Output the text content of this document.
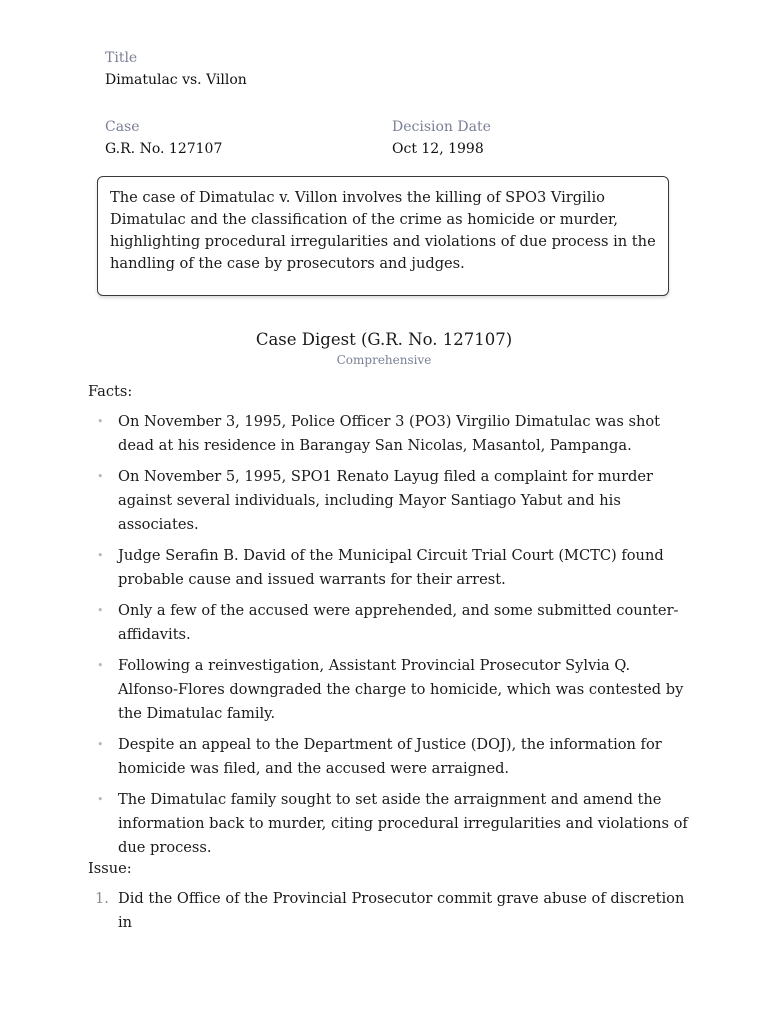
Title
Dimatulac vs. Villon
Case
G.R. No. 127107
Decision Date
Oct 12, 1998
The case of Dimatulac v. Villon involves the killing of SPO3 Virgilio Dimatulac and the classification of the crime as homicide or murder, highlighting procedural irregularities and violations of due process in the handling of the case by prosecutors and judges.
Case Digest (G.R. No. 127107)
Comprehensive
Facts:
• On November 3, 1995, Police Officer 3 (PO3) Virgilio Dimatulac was shot dead at his residence in Barangay San Nicolas, Masantol, Pampanga.
• On November 5, 1995, SPO1 Renato Layug filed a complaint for murder against several individuals, including Mayor Santiago Yabut and his associates.
• Judge Serafin B. David of the Municipal Circuit Trial Court (MCTC) found probable cause and issued warrants for their arrest.
• Only a few of the accused were apprehended, and some submitted counter-affidavits.
• Following a reinvestigation, Assistant Provincial Prosecutor Sylvia Q. Alfonso-Flores downgraded the charge to homicide, which was contested by the Dimatulac family.
• Despite an appeal to the Department of Justice (DOJ), the information for homicide was filed, and the accused were arraigned.
• The Dimatulac family sought to set aside the arraignment and amend the information back to murder, citing procedural irregularities and violations of due process.
Issue:
1. Did the Office of the Provincial Prosecutor commit grave abuse of discretion in
